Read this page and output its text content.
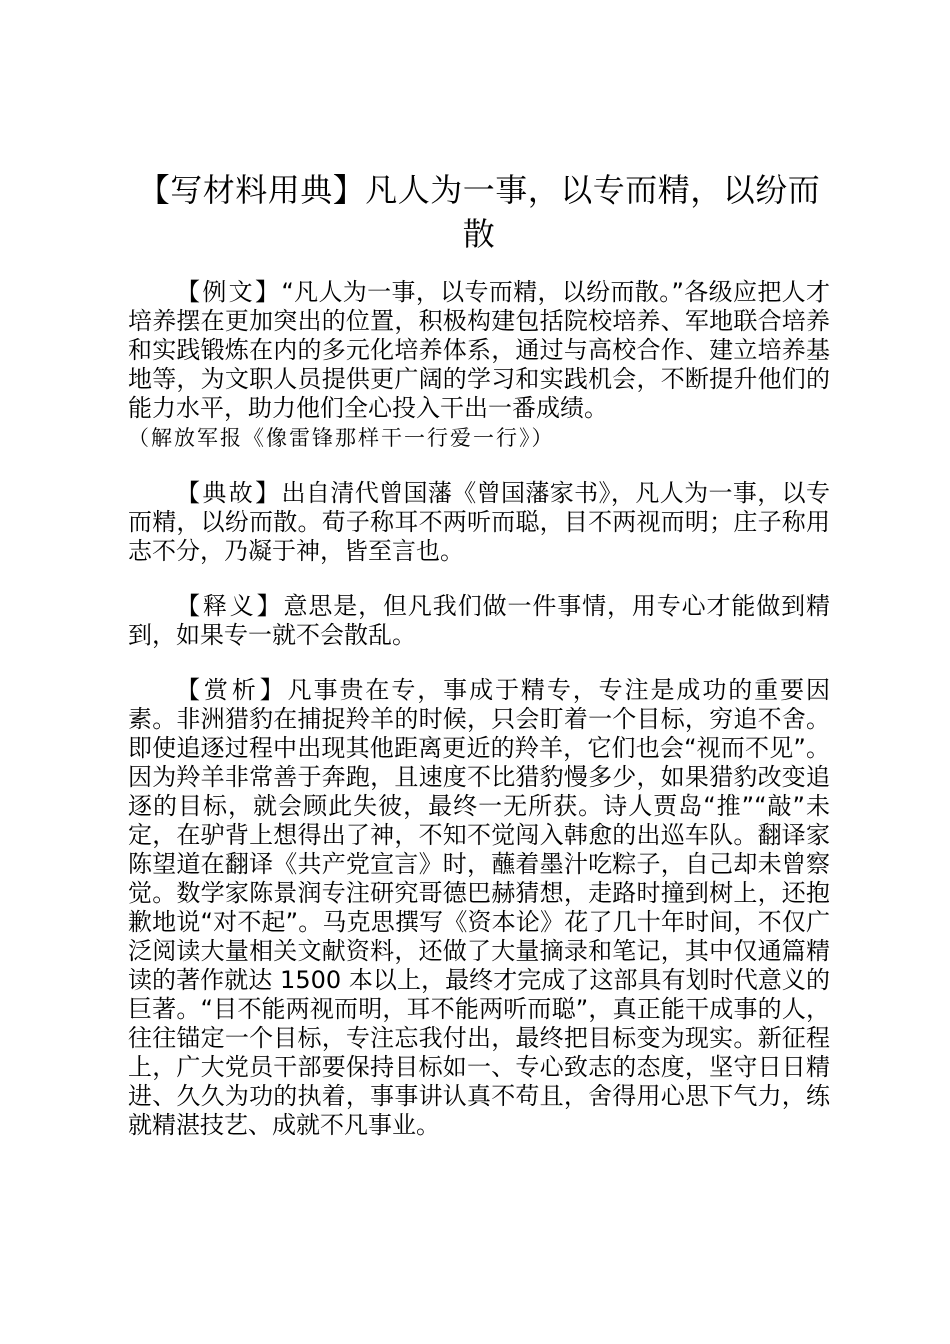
【写材料用典】凡人为一事，以专而精，以纷而散

【例文】“凡人为一事，以专而精，以纷而散。”各级应把人才培养摆在更加突出的位置，积极构建包括院校培养、军地联合培养和实践锻炼在内的多元化培养体系，通过与高校合作、建立培养基地等，为文职人员提供更广阔的学习和实践机会，不断提升他们的能力水平，助力他们全心投入干出一番成绩。
（解放军报《像雷锋那样干一行爱一行》）

【典故】出自清代曾国藩《曾国藩家书》，凡人为一事，以专而精，以纷而散。荀子称耳不两听而聪，目不两视而明；庄子称用志不分，乃凝于神，皆至言也。

【释义】意思是，但凡我们做一件事情，用专心才能做到精到，如果专一就不会散乱。

【赏析】凡事贵在专，事成于精专，专注是成功的重要因素。非洲猎豹在捕捉羚羊的时候，只会盯着一个目标，穷追不舍。即使追逐过程中出现其他距离更近的羚羊，它们也会“视而不见”。因为羚羊非常善于奔跑，且速度不比猎豹慢多少，如果猎豹改变追逐的目标，就会顾此失彼，最终一无所获。诗人贾岛“推”“敲”未定，在驴背上想得出了神，不知不觉闯入韩愈的出巡车队。翻译家陈望道在翻译《共产党宣言》时，蘸着墨汁吃粽子，自己却未曾察觉。数学家陈景润专注研究哥德巴赫猜想，走路时撞到树上，还抱歉地说“对不起”。马克思撰写《资本论》花了几十年时间，不仅广泛阅读大量相关文献资料，还做了大量摘录和笔记，其中仅通篇精读的著作就达 1500 本以上，最终才完成了这部具有划时代意义的巨著。“目不能两视而明，耳不能两听而聪”，真正能干成事的人，往往锚定一个目标，专注忘我付出，最终把目标变为现实。新征程上，广大党员干部要保持目标如一、专心致志的态度，坚守日日精进、久久为功的执着，事事讲认真不苟且，舍得用心思下气力，练就精湛技艺、成就不凡事业。
